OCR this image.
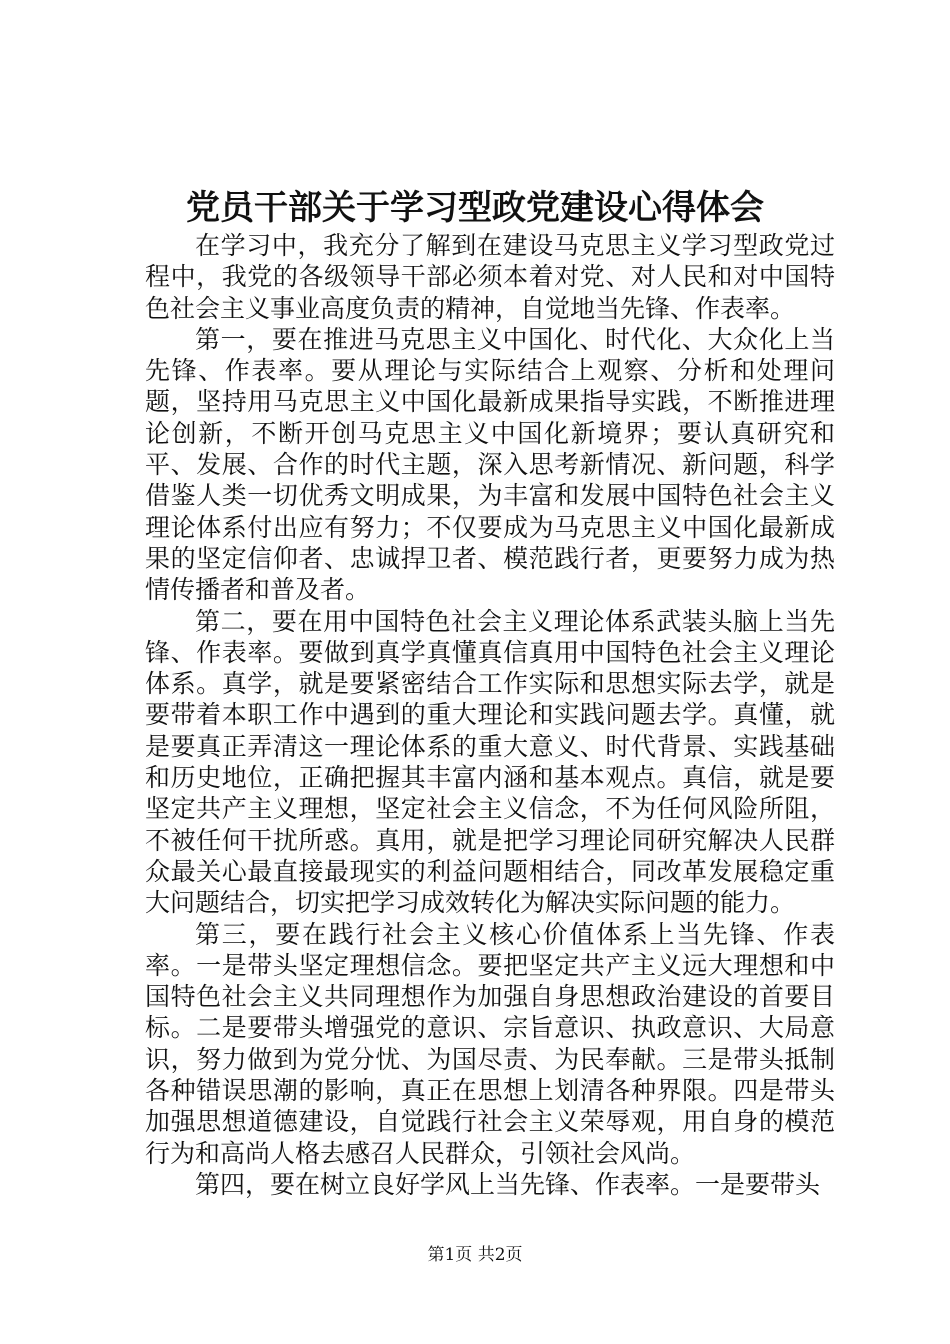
党员干部关于学习型政党建设心得体会

在学习中，我充分了解到在建设马克思主义学习型政党过程中，我党的各级领导干部必须本着对党、对人民和对中国特色社会主义事业高度负责的精神，自觉地当先锋、作表率。

第一，要在推进马克思主义中国化、时代化、大众化上当先锋、作表率。要从理论与实际结合上观察、分析和处理问题，坚持用马克思主义中国化最新成果指导实践，不断推进理论创新，不断开创马克思主义中国化新境界；要认真研究和平、发展、合作的时代主题，深入思考新情况、新问题，科学借鉴人类一切优秀文明成果，为丰富和发展中国特色社会主义理论体系付出应有努力；不仅要成为马克思主义中国化最新成果的坚定信仰者、忠诚捍卫者、模范践行者，更要努力成为热情传播者和普及者。

第二，要在用中国特色社会主义理论体系武装头脑上当先锋、作表率。要做到真学真懂真信真用中国特色社会主义理论体系。真学，就是要紧密结合工作实际和思想实际去学，就是要带着本职工作中遇到的重大理论和实践问题去学。真懂，就是要真正弄清这一理论体系的重大意义、时代背景、实践基础和历史地位，正确把握其丰富内涵和基本观点。真信，就是要坚定共产主义理想，坚定社会主义信念，不为任何风险所阻，不被任何干扰所惑。真用，就是把学习理论同研究解决人民群众最关心最直接最现实的利益问题相结合，同改革发展稳定重大问题结合，切实把学习成效转化为解决实际问题的能力。

第三，要在践行社会主义核心价值体系上当先锋、作表率。一是带头坚定理想信念。要把坚定共产主义远大理想和中国特色社会主义共同理想作为加强自身思想政治建设的首要目标。二是要带头增强党的意识、宗旨意识、执政意识、大局意识，努力做到为党分忧、为国尽责、为民奉献。三是带头抵制各种错误思潮的影响，真正在思想上划清各种界限。四是带头加强思想道德建设，自觉践行社会主义荣辱观，用自身的模范行为和高尚人格去感召人民群众，引领社会风尚。

第四，要在树立良好学风上当先锋、作表率。一是要带头

第1页 共2页
